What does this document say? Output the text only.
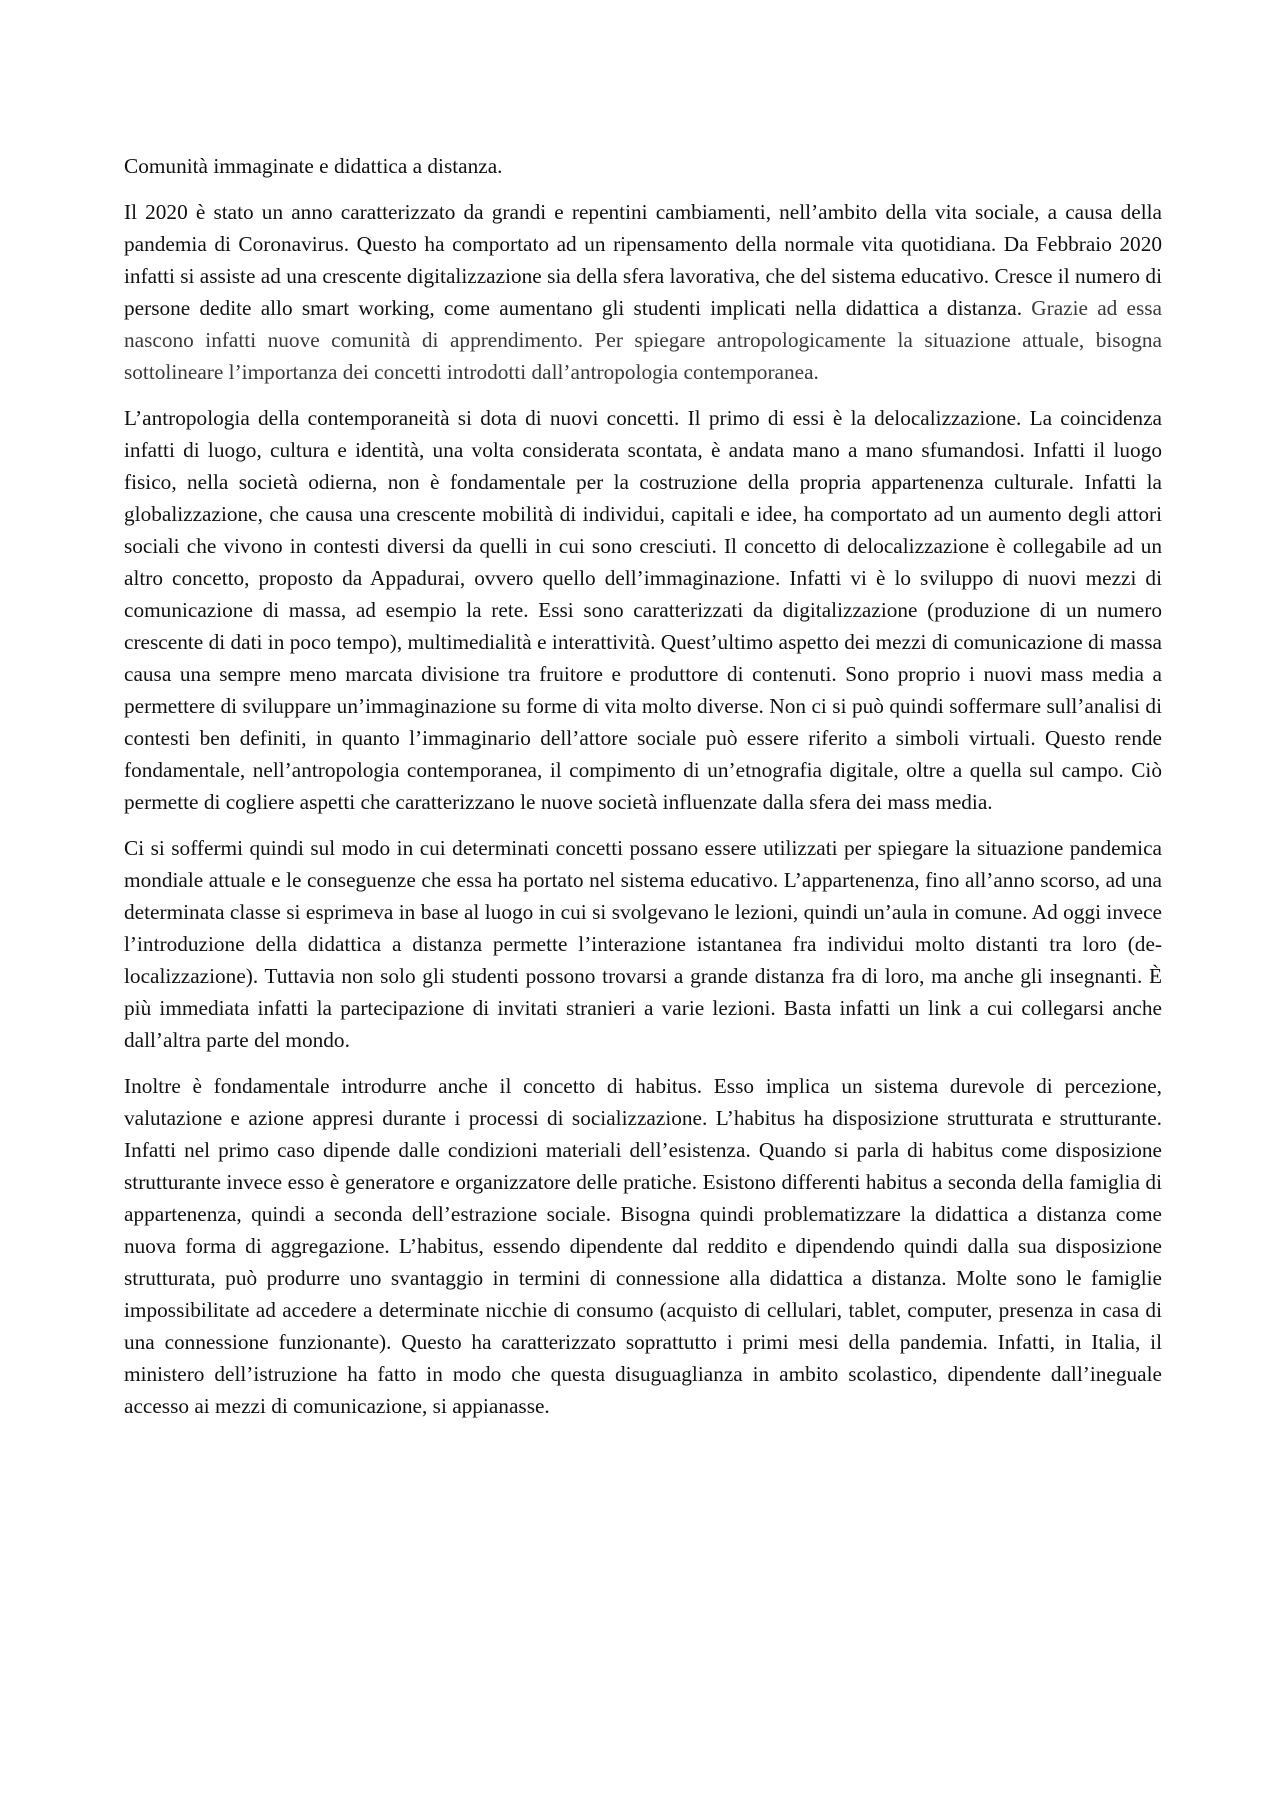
Comunità immaginate e didattica a distanza.

Il 2020 è stato un anno caratterizzato da grandi e repentini cambiamenti, nell’ambito della vita sociale, a causa della pandemia di Coronavirus. Questo ha comportato ad un ripensamento della normale vita quotidiana. Da Febbraio 2020 infatti si assiste ad una crescente digitalizzazione sia della sfera lavorativa, che del sistema educativo. Cresce il numero di persone dedite allo smart working, come aumentano gli studenti implicati nella didattica a distanza. Grazie ad essa nascono infatti nuove comunità di apprendimento. Per spiegare antropologicamente la situazione attuale, bisogna sottolineare l’importanza dei concetti introdotti dall’antropologia contemporanea.

L’antropologia della contemporaneità si dota di nuovi concetti. Il primo di essi è la delocalizzazione. La coincidenza infatti di luogo, cultura e identità, una volta considerata scontata, è andata mano a mano sfumandosi. Infatti il luogo fisico, nella società odierna, non è fondamentale per la costruzione della propria appartenenza culturale. Infatti la globalizzazione, che causa una crescente mobilità di individui, capitali e idee, ha comportato ad un aumento degli attori sociali che vivono in contesti diversi da quelli in cui sono cresciuti. Il concetto di delocalizzazione è collegabile ad un altro concetto, proposto da Appadurai, ovvero quello dell’immaginazione. Infatti vi è lo sviluppo di nuovi mezzi di comunicazione di massa, ad esempio la rete. Essi sono caratterizzati da digitalizzazione (produzione di un numero crescente di dati in poco tempo), multimedialità e interattività. Quest’ultimo aspetto dei mezzi di comunicazione di massa causa una sempre meno marcata divisione tra fruitore e produttore di contenuti. Sono proprio i nuovi mass media a permettere di sviluppare un’immaginazione su forme di vita molto diverse. Non ci si può quindi soffermare sull’analisi di contesti ben definiti, in quanto l’immaginario dell’attore sociale può essere riferito a simboli virtuali. Questo rende fondamentale, nell’antropologia contemporanea, il compimento di un’etnografia digitale, oltre a quella sul campo. Ciò permette di cogliere aspetti che caratterizzano le nuove società influenzate dalla sfera dei mass media.

Ci si soffermi quindi sul modo in cui determinati concetti possano essere utilizzati per spiegare la situazione pandemica mondiale attuale e le conseguenze che essa ha portato nel sistema educativo. L’appartenenza, fino all’anno scorso, ad una determinata classe si esprimeva in base al luogo in cui si svolgevano le lezioni, quindi un’aula in comune. Ad oggi invece l’introduzione della didattica a distanza permette l’interazione istantanea fra individui molto distanti tra loro (de-localizzazione). Tuttavia non solo gli studenti possono trovarsi a grande distanza fra di loro, ma anche gli insegnanti. È più immediata infatti la partecipazione di invitati stranieri a varie lezioni. Basta infatti un link a cui collegarsi anche dall’altra parte del mondo.

Inoltre è fondamentale introdurre anche il concetto di habitus. Esso implica un sistema durevole di percezione, valutazione e azione appresi durante i processi di socializzazione. L’habitus ha disposizione strutturata e strutturante. Infatti nel primo caso dipende dalle condizioni materiali dell’esistenza. Quando si parla di habitus come disposizione strutturante invece esso è generatore e organizzatore delle pratiche. Esistono differenti habitus a seconda della famiglia di appartenenza, quindi a seconda dell’estrazione sociale. Bisogna quindi problematizzare la didattica a distanza come nuova forma di aggregazione. L’habitus, essendo dipendente dal reddito e dipendendo quindi dalla sua disposizione strutturata, può produrre uno svantaggio in termini di connessione alla didattica a distanza. Molte sono le famiglie impossibilitate ad accedere a determinate nicchie di consumo (acquisto di cellulari, tablet, computer, presenza in casa di una connessione funzionante). Questo ha caratterizzato soprattutto i primi mesi della pandemia. Infatti, in Italia, il ministero dell’istruzione ha fatto in modo che questa disuguaglianza in ambito scolastico, dipendente dall’ineguale accesso ai mezzi di comunicazione, si appianasse.
